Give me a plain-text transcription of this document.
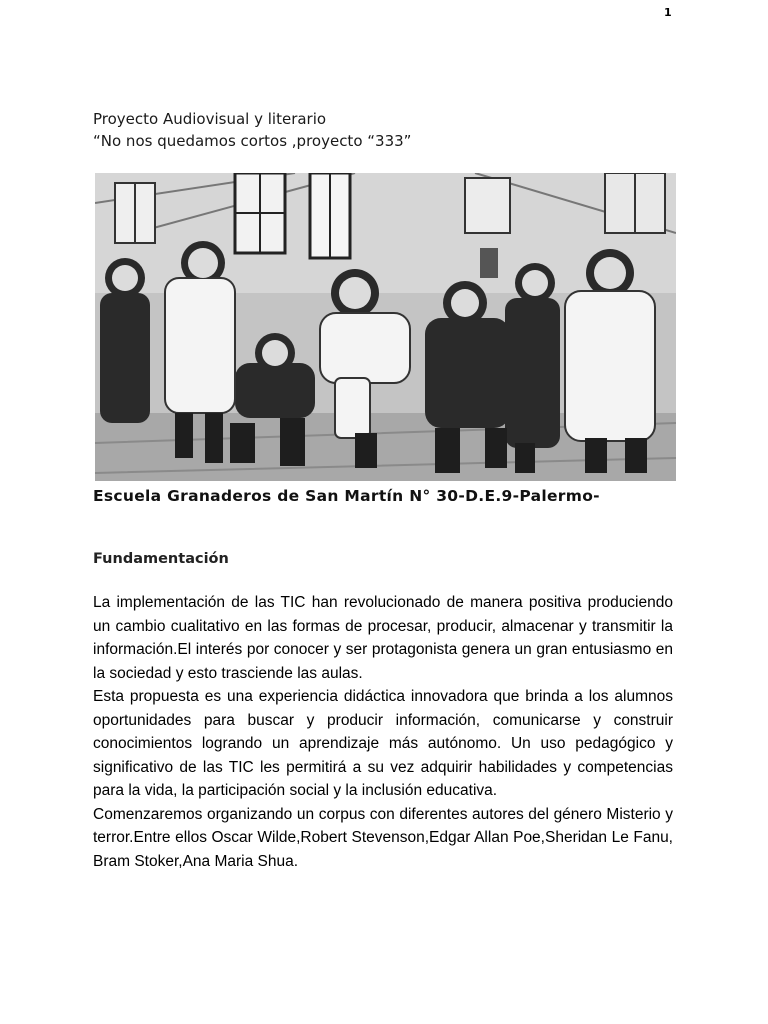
1
Proyecto Audiovisual y literario
“No nos quedamos cortos ,proyecto “333”
Escuela Granaderos de San Martín N° 30-D.E.9-Palermo-
Fundamentación

La implementación de las TIC han revolucionado de manera positiva produciendo un cambio cualitativo en las formas de procesar, producir, almacenar y transmitir la información.El interés por conocer y ser protagonista genera un gran entusiasmo en la sociedad y esto trasciende las aulas.

Esta propuesta es una experiencia didáctica innovadora que brinda a los alumnos oportunidades para buscar y producir información, comunicarse y construir conocimientos logrando un aprendizaje más autónomo. Un uso pedagógico y significativo de las TIC les permitirá a su vez adquirir habilidades y competencias para la vida, la participación social y la inclusión educativa.

Comenzaremos organizando un corpus con diferentes autores del género Misterio y terror.Entre ellos Oscar Wilde,Robert Stevenson,Edgar Allan Poe,Sheridan Le Fanu, Bram Stoker,Ana Maria Shua.
